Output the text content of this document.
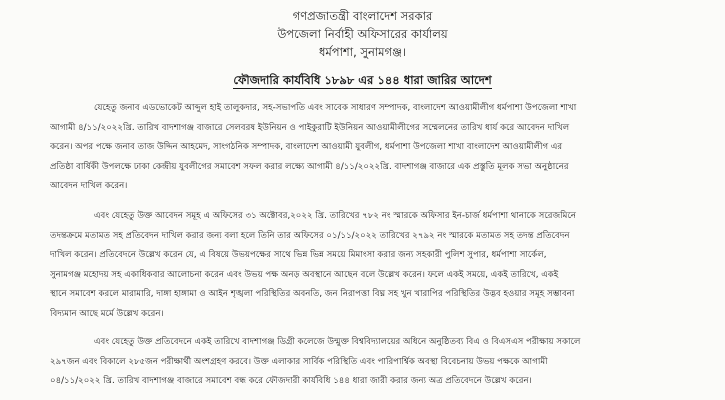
গণপ্রজাতন্ত্রী বাংলাদেশ সরকার
উপজেলা নির্বাহী অফিসারের কার্যালয়
ধর্মপাশা, সুনামগঞ্জ।
ফৌজদারি কার্যবিধি ১৮৯৮ এর ১৪৪ ধারা জারির আদেশ
যেহেতু জনাব এডভোকেট আব্দুল হাই তালুকদার, সহ-সভাপতি এবং সাবেক সাধারণ সম্পাদক, বাংলাদেশ আওয়ামীলীগ ধর্মপাশা উপজেলা শাখা
আগামী ৪/১১/২০২২খ্রি. তারিখ বাদশাগঞ্জ বাজারে সেলবরষ ইউনিয়ন ও পাইকুরাটি ইউনিয়ন আওয়ামীলীগের সম্মেলনের তারিখ ধার্য করে আবেদন দাখিল
করেন। অপর পক্ষে জনাব তাজ উদ্দিন আহমেদ, সাংগঠনিক সম্পাদক, বাংলাদেশ আওয়ামী যুবলীগ, ধর্মপাশা উপজেলা শাখা বাংলাদেশ আওয়ামীলীগ এর
প্রতিষ্ঠা বার্ষিকী উপলক্ষে ঢাকা কেন্দ্রীয় যুবলীগের সমাবেশ সফল করার লক্ষ্যে আগামী ৪/১১/২০২২খ্রি. বাদশাগঞ্জ বাজারে এক প্রস্তুতি মূলক সভা অনুষ্ঠানের
আবেদন দাখিল করেন।
এবং যেহেতু উক্ত আবেদন সমূহ এ অফিসের ৩১ অক্টোবর,২০২২ খ্রি. তারিখের ৭৮২ নং স্মারকে অফিসার ইন-চার্জ ধর্মপাশা থানাকে সরেজমিনে
তদন্তক্রমে মতামত সহ প্রতিবেদন দাখিল করার জন্য বলা হলে তিনি তার অফিসের ০১/১১/২০২২ তারিখের ২৭৯২ নং স্মারকে মতামত সহ তদন্ত প্রতিবেদন
দাখিল করেন। প্রতিবেদনে উল্লেখ করেন যে, এ বিষয়ে উভয়পক্ষের সাথে ভিন্ন ভিন্ন সময়ে মিমাংসা করার জন্য সহকারী পুলিশ সুপার, ধর্মপাশা সার্কেল,
সুনামগঞ্জ মহোদয় সহ একাধিকবার আলোচনা করেন এবং উভয় পক্ষ অনড় অবস্থানে আছেন বলে উল্লেখ করেন। ফলে একই সময়ে, একই তারিখে, একই
স্থানে সমাবেশ করলে মারামারি, দাঙ্গা হাঙ্গামা ও আইন শৃঙ্খলা পরিস্থিতির অবনতি, জন নিরাপত্তা বিঘ্ন সহ খুন খারাপির পরিস্থিতির উদ্ভব হওয়ার সমূহ সম্ভাবনা
বিদ্যমান আছে মর্মে উল্লেখ করেন।
এবং যেহেতু উক্ত প্রতিবেদনে একই তারিখে বাদশাগঞ্জ ডিগ্রী কলেজে উন্মুক্ত বিশ্ববিদ্যালয়ের অধিনে অনুষ্ঠিতব্য বিএ ও বিএসএস পরীক্ষায় সকালে
২৯৭জন এবং বিকালে ২৮৫জন পরীক্ষার্থী অংশগ্রহণ করবে। উক্ত এলাকার সার্বিক পরিস্থিতি এবং পারিপার্শ্বিক অবস্থা বিবেচনায় উভয় পক্ষকে আগামী
০৪/১১/২০২২ খ্রি. তারিখ বাদশাগঞ্জ বাজারে সমাবেশ বন্ধ করে ফৌজদারী কার্যবিধি ১৪৪ ধারা জারী করার জন্য অত্র প্রতিবেদনে উল্লেখ করেন।
